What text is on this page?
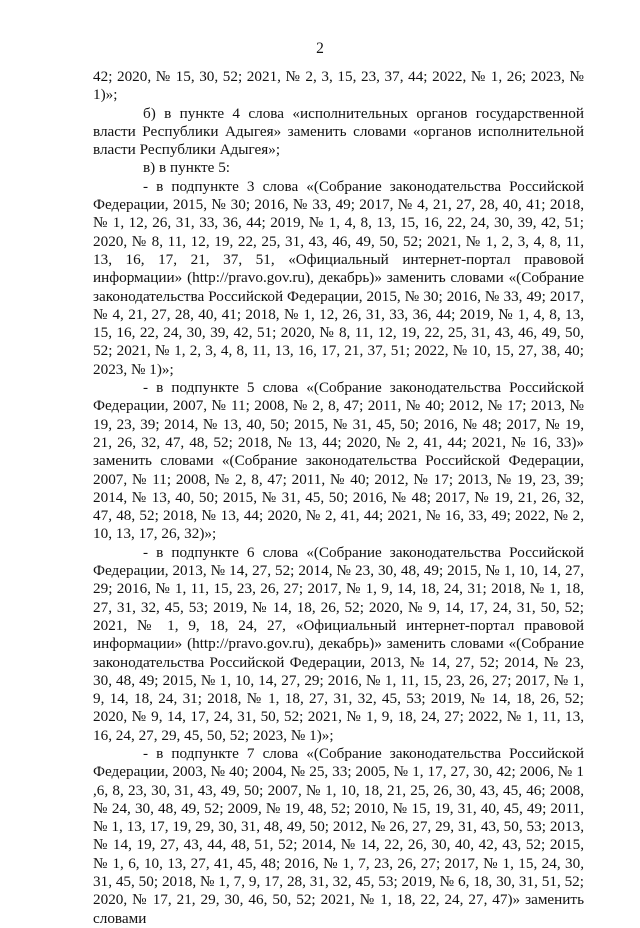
2

42; 2020, № 15, 30, 52; 2021, № 2, 3, 15, 23, 37, 44; 2022, № 1, 26; 2023, № 1)»;

б) в пункте 4 слова «исполнительных органов государственной власти Республики Адыгея» заменить словами «органов исполнительной власти Республики Адыгея»;

в) в пункте 5:

- в подпункте 3 слова «(Собрание законодательства Российской Федерации, 2015, № 30; 2016, № 33, 49; 2017, № 4, 21, 27, 28, 40, 41; 2018, № 1, 12, 26, 31, 33, 36, 44; 2019, № 1, 4, 8, 13, 15, 16, 22, 24, 30, 39, 42, 51; 2020, № 8, 11, 12, 19, 22, 25, 31, 43, 46, 49, 50, 52; 2021, № 1, 2, 3, 4, 8, 11, 13, 16, 17, 21, 37, 51, «Официальный интернет-портал правовой информации» (http://pravo.gov.ru), декабрь)» заменить словами «(Собрание законодательства Российской Федерации, 2015, № 30; 2016, № 33, 49; 2017, № 4, 21, 27, 28, 40, 41; 2018, № 1, 12, 26, 31, 33, 36, 44; 2019, № 1, 4, 8, 13, 15, 16, 22, 24, 30, 39, 42, 51; 2020, № 8, 11, 12, 19, 22, 25, 31, 43, 46, 49, 50, 52; 2021, № 1, 2, 3, 4, 8, 11, 13, 16, 17, 21, 37, 51; 2022, № 10, 15, 27, 38, 40; 2023, № 1)»;

- в подпункте 5 слова «(Собрание законодательства Российской Федерации, 2007, № 11; 2008, № 2, 8, 47; 2011, № 40; 2012, № 17; 2013, № 19, 23, 39; 2014, № 13, 40, 50; 2015, № 31, 45, 50; 2016, № 48; 2017, № 19, 21, 26, 32, 47, 48, 52; 2018, № 13, 44; 2020, № 2, 41, 44; 2021, № 16, 33)» заменить словами «(Собрание законодательства Российской Федерации, 2007, № 11; 2008, № 2, 8, 47; 2011, № 40; 2012, № 17; 2013, № 19, 23, 39; 2014, № 13, 40, 50; 2015, № 31, 45, 50; 2016, № 48; 2017, № 19, 21, 26, 32, 47, 48, 52; 2018, № 13, 44; 2020, № 2, 41, 44; 2021, № 16, 33, 49; 2022, № 2, 10, 13, 17, 26, 32)»;

- в подпункте 6 слова «(Собрание законодательства Российской Федерации, 2013, № 14, 27, 52; 2014, № 23, 30, 48, 49; 2015, № 1, 10, 14, 27, 29; 2016, № 1, 11, 15, 23, 26, 27; 2017, № 1, 9, 14, 18, 24, 31; 2018, № 1, 18, 27, 31, 32, 45, 53; 2019, № 14, 18, 26, 52; 2020, № 9, 14, 17, 24, 31, 50, 52; 2021, № 1, 9, 18, 24, 27, «Официальный интернет-портал правовой информации» (http://pravo.gov.ru), декабрь)» заменить словами «(Собрание законодательства Российской Федерации, 2013, № 14, 27, 52; 2014, № 23, 30, 48, 49; 2015, № 1, 10, 14, 27, 29; 2016, № 1, 11, 15, 23, 26, 27; 2017, № 1, 9, 14, 18, 24, 31; 2018, № 1, 18, 27, 31, 32, 45, 53; 2019, № 14, 18, 26, 52; 2020, № 9, 14, 17, 24, 31, 50, 52; 2021, № 1, 9, 18, 24, 27; 2022, № 1, 11, 13, 16, 24, 27, 29, 45, 50, 52; 2023, № 1)»;

- в подпункте 7 слова «(Собрание законодательства Российской Федерации, 2003, № 40; 2004, № 25, 33; 2005, № 1, 17, 27, 30, 42; 2006, № 1 ,6, 8, 23, 30, 31, 43, 49, 50; 2007, № 1, 10, 18, 21, 25, 26, 30, 43, 45, 46; 2008, № 24, 30, 48, 49, 52; 2009, № 19, 48, 52; 2010, № 15, 19, 31, 40, 45, 49; 2011, № 1, 13, 17, 19, 29, 30, 31, 48, 49, 50; 2012, № 26, 27, 29, 31, 43, 50, 53; 2013, № 14, 19, 27, 43, 44, 48, 51, 52; 2014, № 14, 22, 26, 30, 40, 42, 43, 52; 2015, № 1, 6, 10, 13, 27, 41, 45, 48; 2016, № 1, 7, 23, 26, 27; 2017, № 1, 15, 24, 30, 31, 45, 50; 2018, № 1, 7, 9, 17, 28, 31, 32, 45, 53; 2019, № 6, 18, 30, 31, 51, 52; 2020, № 17, 21, 29, 30, 46, 50, 52; 2021, № 1, 18, 22, 24, 27, 47)» заменить словами
